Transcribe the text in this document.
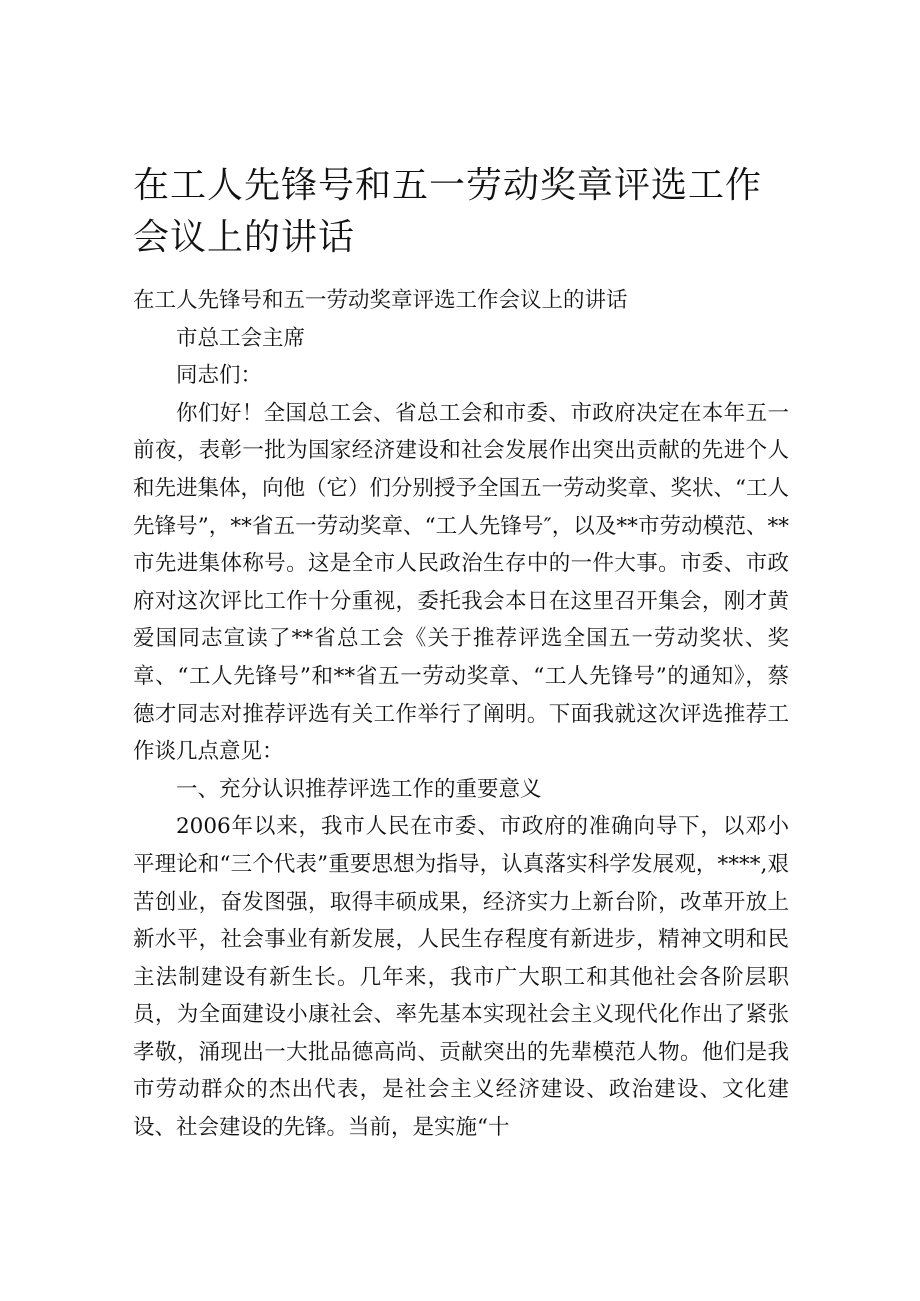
在工人先锋号和五一劳动奖章评选工作会议上的讲话

在工人先锋号和五一劳动奖章评选工作会议上的讲话

市总工会主席

同志们：

你们好！全国总工会、省总工会和市委、市政府决定在本年五一前夜，表彰一批为国家经济建设和社会发展作出突出贡献的先进个人和先进集体，向他（它）们分别授予全国五一劳动奖章、奖状、“工人先锋号”，**省五一劳动奖章、“工人先锋号″，以及**市劳动模范、**市先进集体称号。这是全市人民政治生存中的一件大事。市委、市政府对这次评比工作十分重视，委托我会本日在这里召开集会，刚才黄爱国同志宣读了**省总工会《关于推荐评选全国五一劳动奖状、奖章、“工人先锋号”和**省五一劳动奖章、“工人先锋号”的通知》，蔡德才同志对推荐评选有关工作举行了阐明。下面我就这次评选推荐工作谈几点意见：

一、充分认识推荐评选工作的重要意义

2006年以来，我市人民在市委、市政府的准确向导下，以邓小平理论和“三个代表”重要思想为指导，认真落实科学发展观，****,艰苦创业，奋发图强，取得丰硕成果，经济实力上新台阶，改革开放上新水平，社会事业有新发展，人民生存程度有新进步，精神文明和民主法制建设有新生长。几年来，我市广大职工和其他社会各阶层职员，为全面建设小康社会、率先基本实现社会主义现代化作出了紧张孝敬，涌现出一大批品德高尚、贡献突出的先辈模范人物。他们是我市劳动群众的杰出代表，是社会主义经济建设、政治建设、文化建设、社会建设的先锋。当前，是实施“十
